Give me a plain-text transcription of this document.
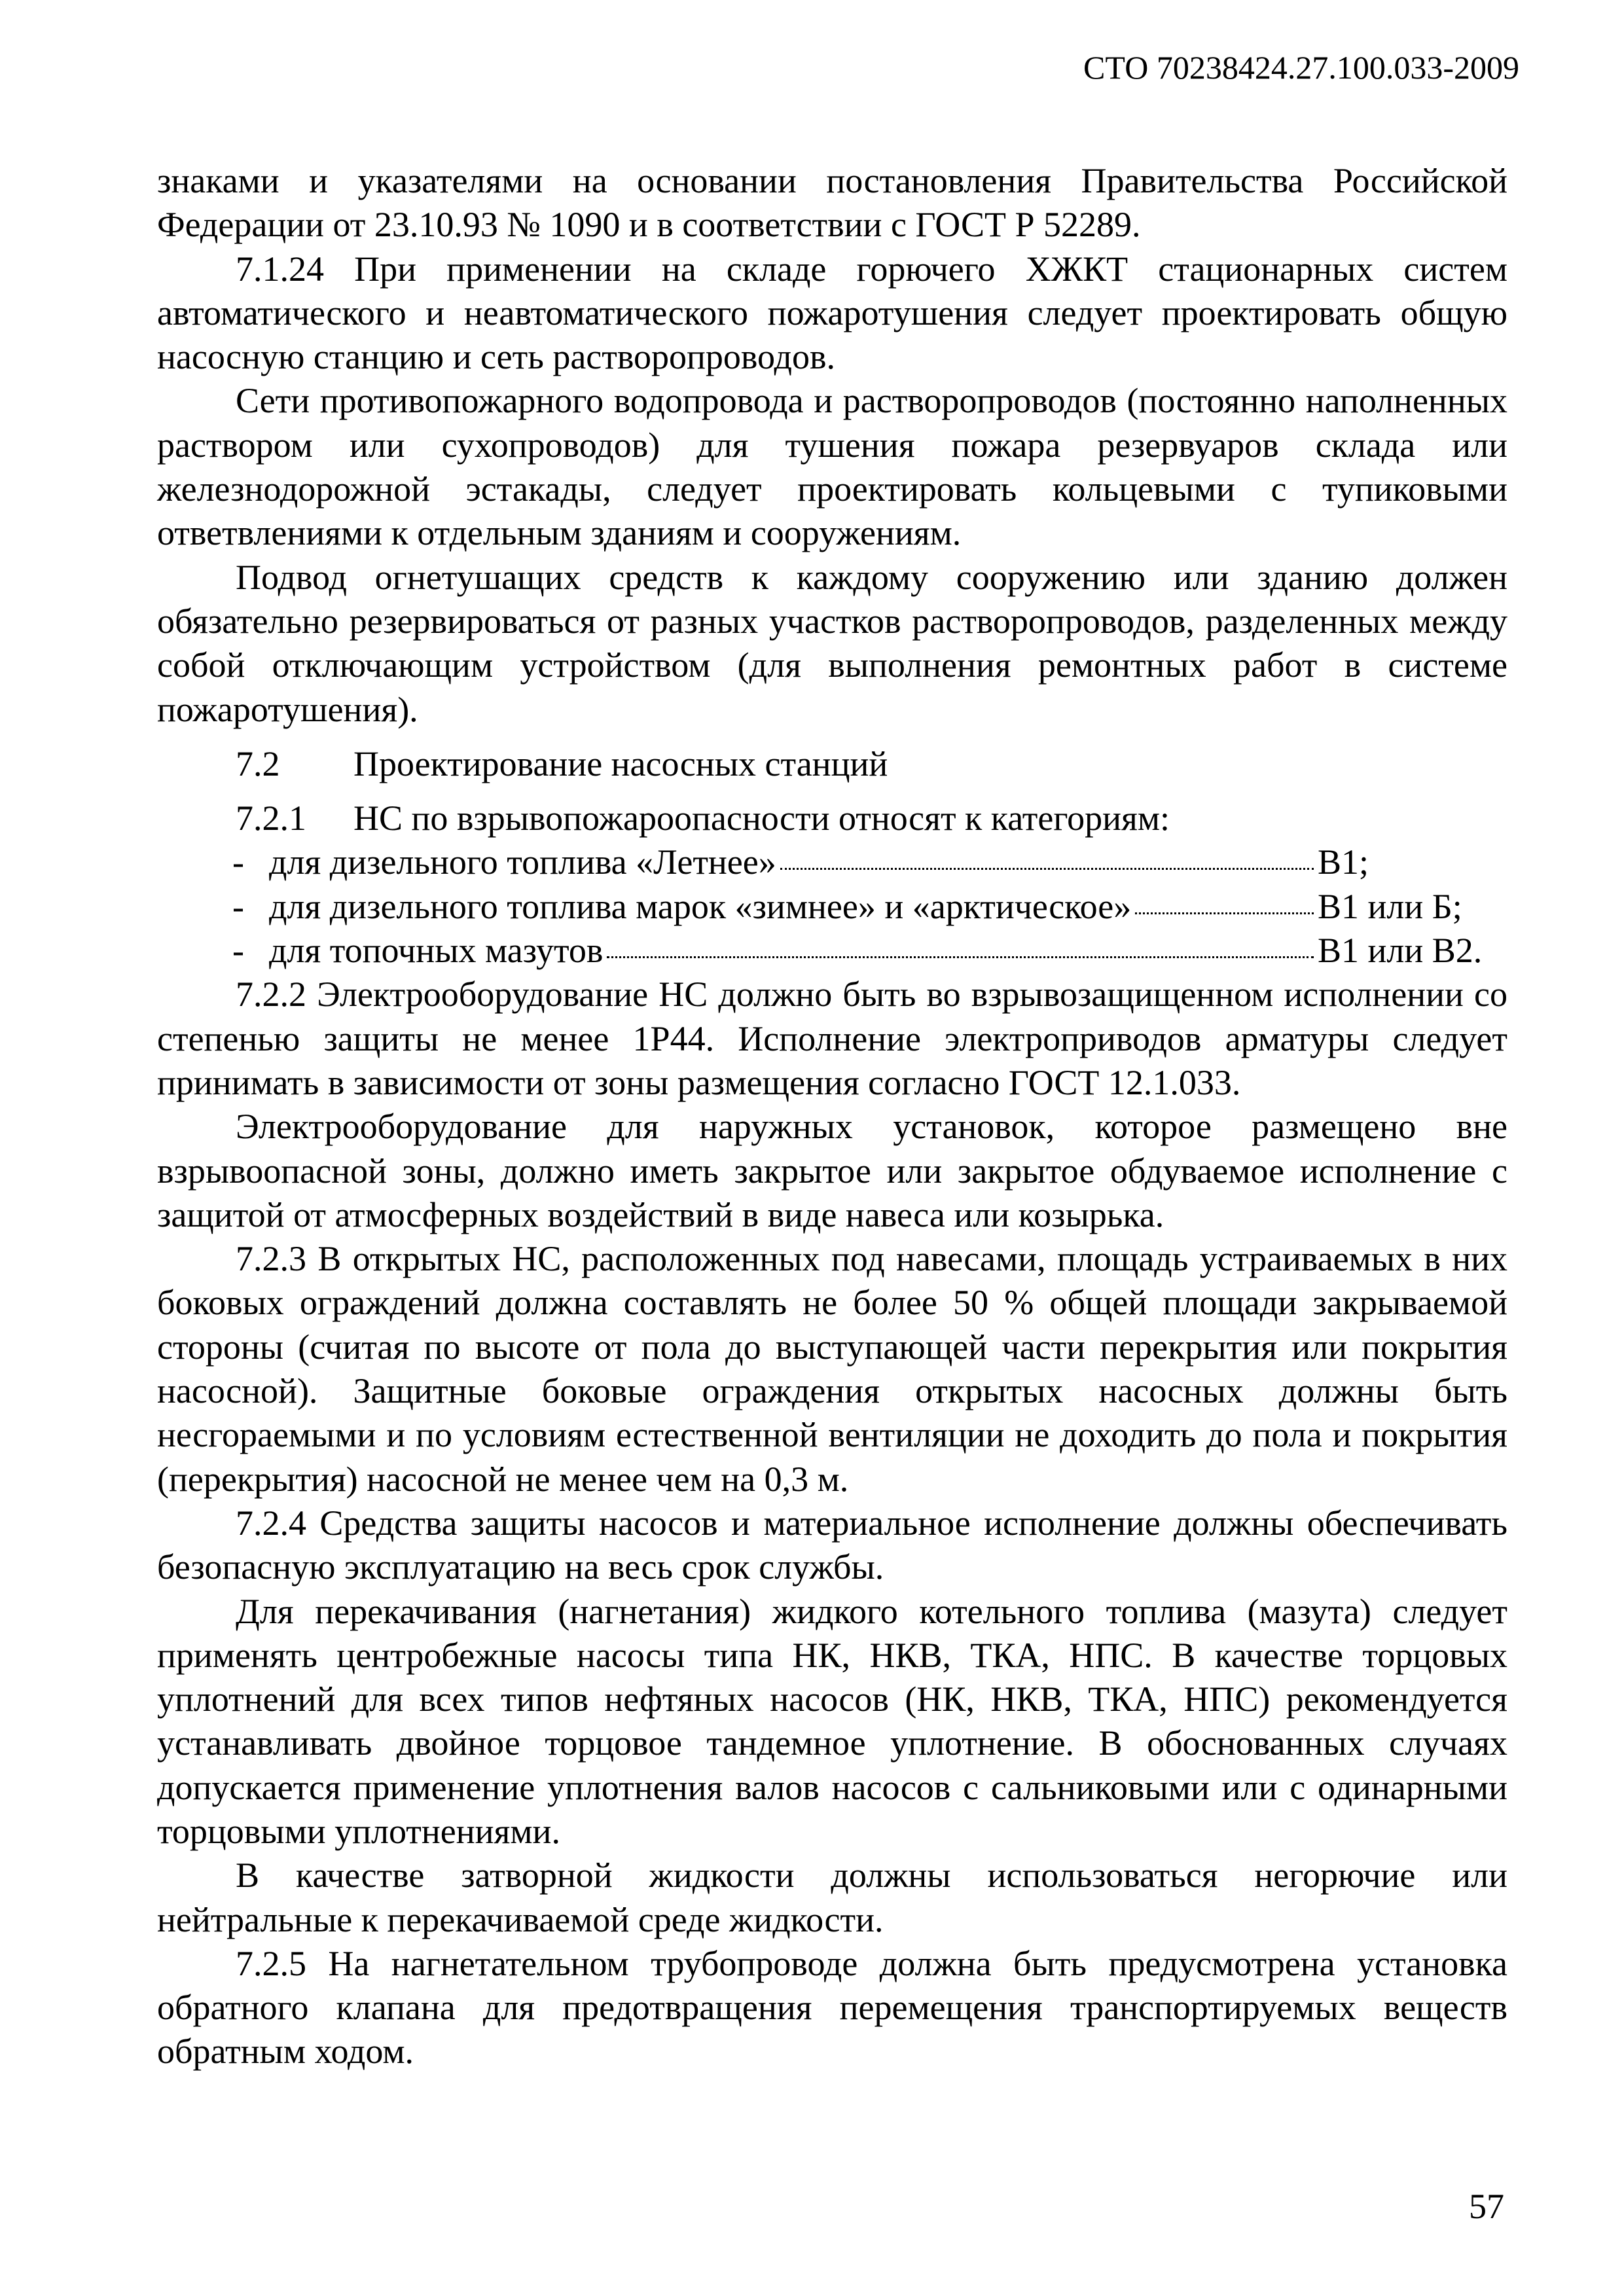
СТО 70238424.27.100.033-2009

знаками и указателями на основании постановления Правительства Российской Федерации от 23.10.93 № 1090 и в соответствии с ГОСТ Р 52289.

7.1.24 При применении на складе горючего ХЖКТ стационарных систем автоматического и неавтоматического пожаротушения следует проектировать общую насосную станцию и сеть растворопроводов.

Сети противопожарного водопровода и растворопроводов (постоянно наполненных раствором или сухопроводов) для тушения пожара резервуаров склада или железнодорожной эстакады, следует проектировать кольцевыми с тупиковыми ответвлениями к отдельным зданиям и сооружениям.

Подвод огнетушащих средств к каждому сооружению или зданию должен обязательно резервироваться от разных участков растворопроводов, разделенных между собой отключающим устройством (для выполнения ремонтных работ в системе пожаротушения).

7.2 Проектирование насосных станций

7.2.1 НС по взрывопожароопасности относят к категориям:

- для дизельного топлива «Летнее»	В1;
- для дизельного топлива марок «зимнее» и «арктическое»	В1 или Б;
- для топочных мазутов	В1 или В2.

7.2.2 Электрооборудование НС должно быть во взрывозащищенном исполнении со степенью защиты не менее 1Р44. Исполнение электроприводов арматуры следует принимать в зависимости от зоны размещения согласно ГОСТ 12.1.033.

Электрооборудование для наружных установок, которое размещено вне взрывоопасной зоны, должно иметь закрытое или закрытое обдуваемое исполнение с защитой от атмосферных воздействий в виде навеса или козырька.

7.2.3 В открытых НС, расположенных под навесами, площадь устраиваемых в них боковых ограждений должна составлять не более 50 % общей площади закрываемой стороны (считая по высоте от пола до выступающей части перекрытия или покрытия насосной). Защитные боковые ограждения открытых насосных должны быть несгораемыми и по условиям естественной вентиляции не доходить до пола и покрытия (перекрытия) насосной не менее чем на 0,3 м.

7.2.4 Средства защиты насосов и материальное исполнение должны обеспечивать безопасную эксплуатацию на весь срок службы.

Для перекачивания (нагнетания) жидкого котельного топлива (мазута) следует применять центробежные насосы типа НК, НКВ, ТКА, НПС. В качестве торцовых уплотнений для всех типов нефтяных насосов (НК, НКВ, ТКА, НПС) рекомендуется устанавливать двойное торцовое тандемное уплотнение. В обоснованных случаях допускается применение уплотнения валов насосов с сальниковыми или с одинарными торцовыми уплотнениями.

В качестве затворной жидкости должны использоваться негорючие или нейтральные к перекачиваемой среде жидкости.

7.2.5 На нагнетательном трубопроводе должна быть предусмотрена установка обратного клапана для предотвращения перемещения транспортируемых веществ обратным ходом.

57
